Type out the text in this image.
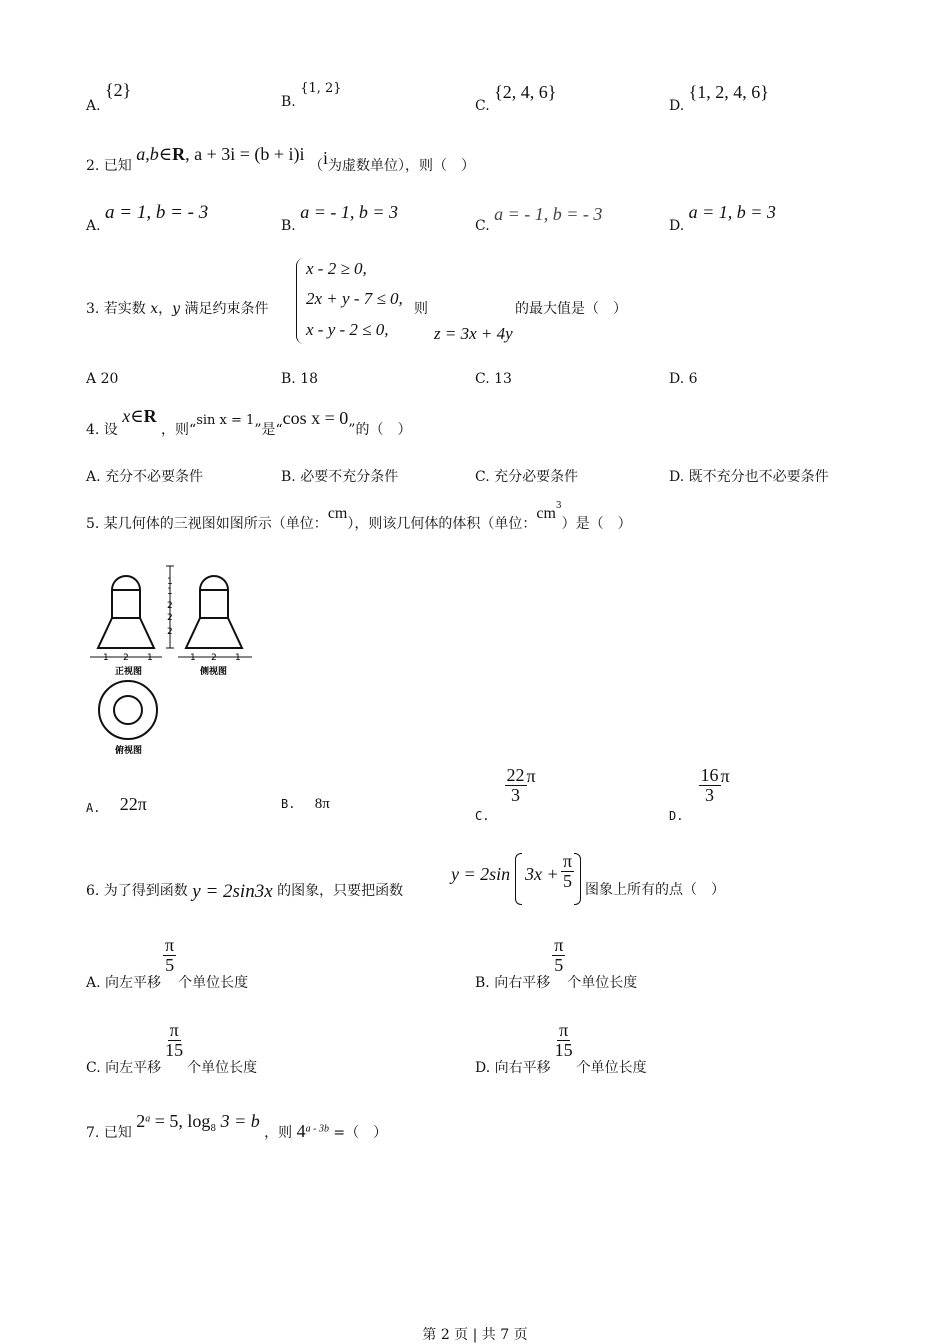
A. {2}
B. {1, 2}
C. {2, 4, 6}
D. {1, 2, 4, 6}
2. 已知 a,b∈R, a + 3i = (b + i)i （i为虚数单位），则（　）
A. a = 1, b = - 3
B. a = - 1, b = 3
C. a = - 1, b = - 3
D. a = 1, b = 3
3. 若实数 x，y 满足约束条件
x - 2 ≥ 0,
2x + y - 7 ≤ 0,
x - y - 2 ≤ 0,
则
z = 3x + 4y
的最大值是（　）
A 20	B. 18	C. 13	D. 6
4. 设 x∈R ，则“sin x = 1”是“cos x = 0”的（　）
A. 充分不必要条件	B. 必要不充分条件	C. 充分必要条件	D. 既不充分也不必要条件
5. 某几何体的三视图如图所示（单位：cm），则该几何体的体积（单位：$cm^3$）是（　）
1
1
2
2
2
1 2 1	1 2 1
正视图	侧视图
俯视图
A. 22π	B. 8π
$_{C.}$
$\frac{22}{3}$ π
$_{D.}$
$\frac{16}{3}$ π
6. 为了得到函数 y = 2sin3x 的图象，只要把函数
y = 2sin $3x + \frac{\pi}{5}$ 图象上所有的点（　）
A. 向左平移
$\frac{\pi}{5}$
个单位长度	B. 向右平移
$\frac{\pi}{5}$
个单位长度
C. 向左平移
$\frac{\pi}{15}$
个单位长度	D. 向右平移
$\frac{\pi}{15}$
个单位长度
7. 已知 $2^a = 5$, $\log_8 3 = b$ ，则 $4^{a - 3b}$ =（　）
第 2 页 | 共 7 页
